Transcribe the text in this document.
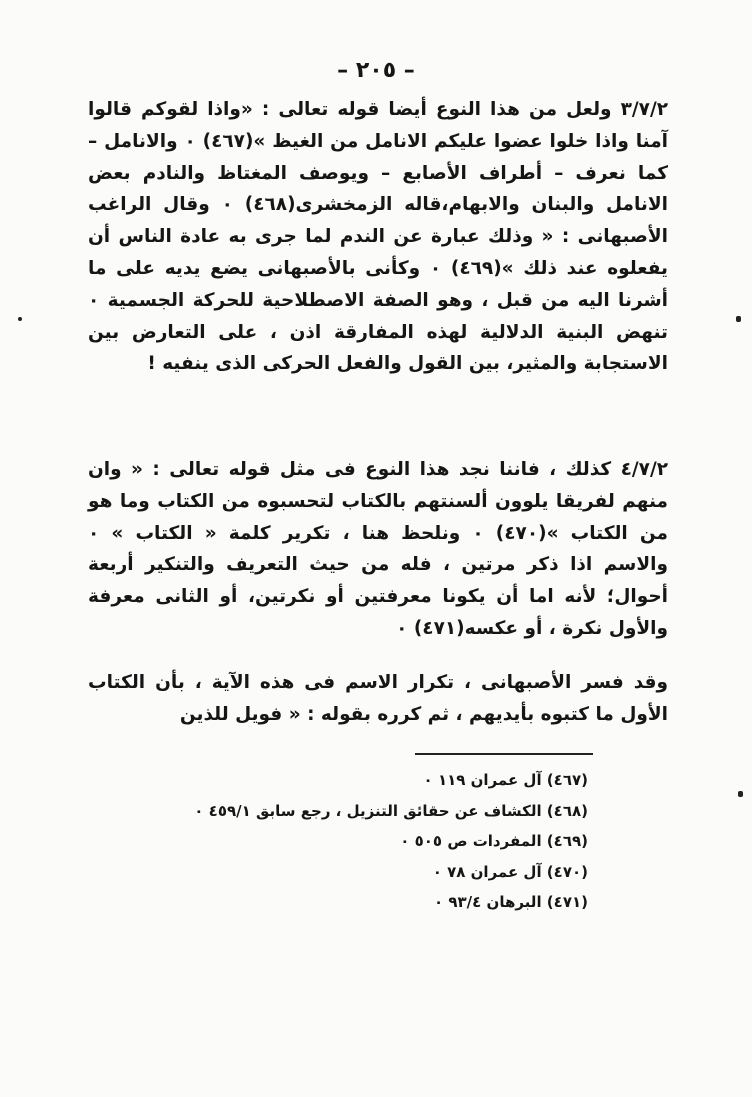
– ٢٠٥ –

٣/٧/٢ ولعل من هذا النوع أيضا قوله تعالى : «واذا لقوكم قالوا آمنا واذا خلوا عضوا عليكم الانامل من الغيظ »(٤٦٧) ٠ والانامل – كما نعرف – أطراف الأصابع – ويوصف المغتاظ والنادم بعض الانامل والبنان والابهام،قاله الزمخشرى(٤٦٨) ٠ وقال الراغب الأصبهانى : « وذلك عبارة عن الندم لما جرى به عادة الناس أن يفعلوه عند ذلك »(٤٦٩) ٠ وكأنى بالأصبهانى يضع يديه على ما أشرنا اليه من قبل ، وهو الصفة الاصطلاحية للحركة الجسمية ٠ تنهض البنية الدلالية لهذه المفارقة اذن ، على التعارض بين الاستجابة والمثير، بين القول والفعل الحركى الذى ينفيه !

٤/٧/٢ كذلك ، فاننا نجد هذا النوع فى مثل قوله تعالى : « وان منهم لفريقا يلوون ألسنتهم بالكتاب لتحسبوه من الكتاب وما هو من الكتاب »(٤٧٠) ٠ ونلحظ هنا ، تكرير كلمة « الكتاب » ٠ والاسم اذا ذكر مرتين ، فله من حيث التعريف والتنكير أربعة أحوال؛ لأنه اما أن يكونا معرفتين أو نكرتين، أو الثانى معرفة والأول نكرة ، أو عكسه(٤٧١) ٠

وقد فسر الأصبهانى ، تكرار الاسم فى هذه الآية ، بأن الكتاب الأول ما كتبوه بأيديهم ، ثم كرره بقوله : « فويل للذين

(٤٦٧) آل عمران ١١٩ ٠
(٤٦٨) الكشاف عن حقائق التنزيل ، رجع سابق ٤٥٩/١ ٠
(٤٦٩) المفردات ص ٥٠٥ ٠
(٤٧٠) آل عمران ٧٨ ٠
(٤٧١) البرهان ٩٣/٤ ٠
